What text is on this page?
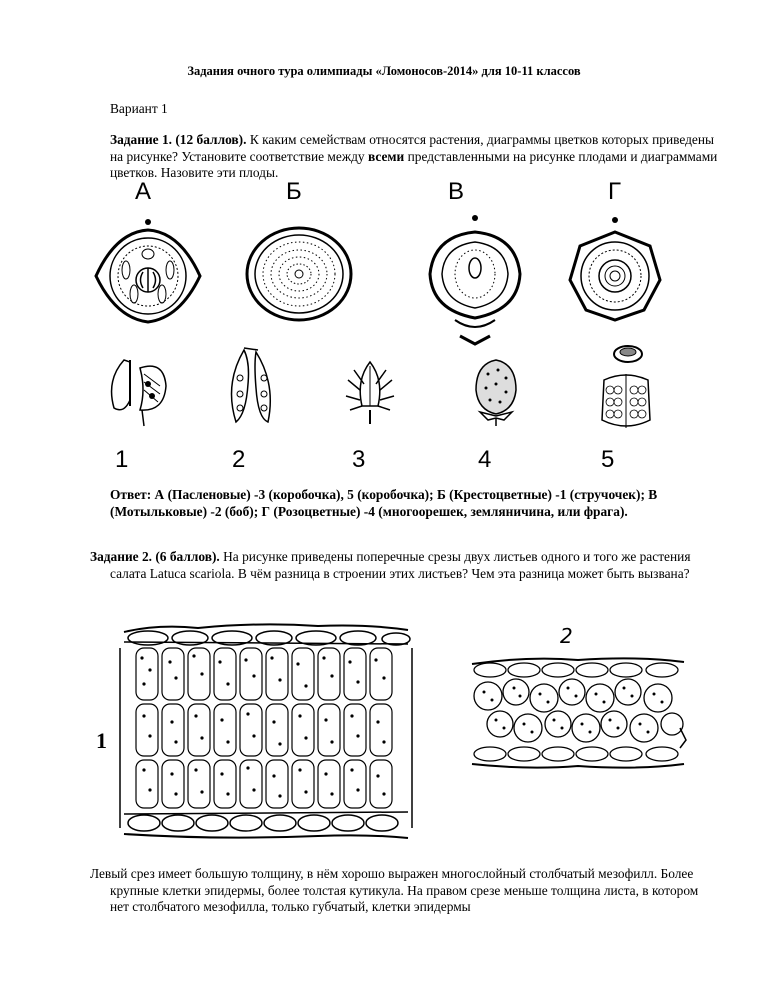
Задания очного тура олимпиады «Ломоносов-2014» для 10-11 классов
Вариант 1
Задание 1. (12 баллов). К каким семействам относятся растения, диаграммы цветков которых приведены на рисунке? Установите соответствие между всеми представленными на рисунке плодами и диаграммами цветков. Назовите эти плоды.
А	Б	В	Г
1	2	3	4	5
Ответ: А (Пасленовые) -3 (коробочка), 5 (коробочка); Б (Крестоцветные) -1 (стручочек); В (Мотыльковые) -2 (боб); Г (Розоцветные) -4 (многоорешек, земляничина, или фрага).
Задание 2. (6 баллов). На рисунке приведены поперечные срезы двух листьев одного и того же растения салата Latuca scariola. В чём разница в строении этих листьев? Чем эта разница может быть вызвана?
1
2
Левый срез имеет большую толщину, в нём хорошо выражен многослойный столбчатый мезофилл. Более крупные клетки эпидермы, более толстая кутикула. На правом срезе меньше толщина листа, в котором нет столбчатого мезофилла, только губчатый, клетки эпидермы
